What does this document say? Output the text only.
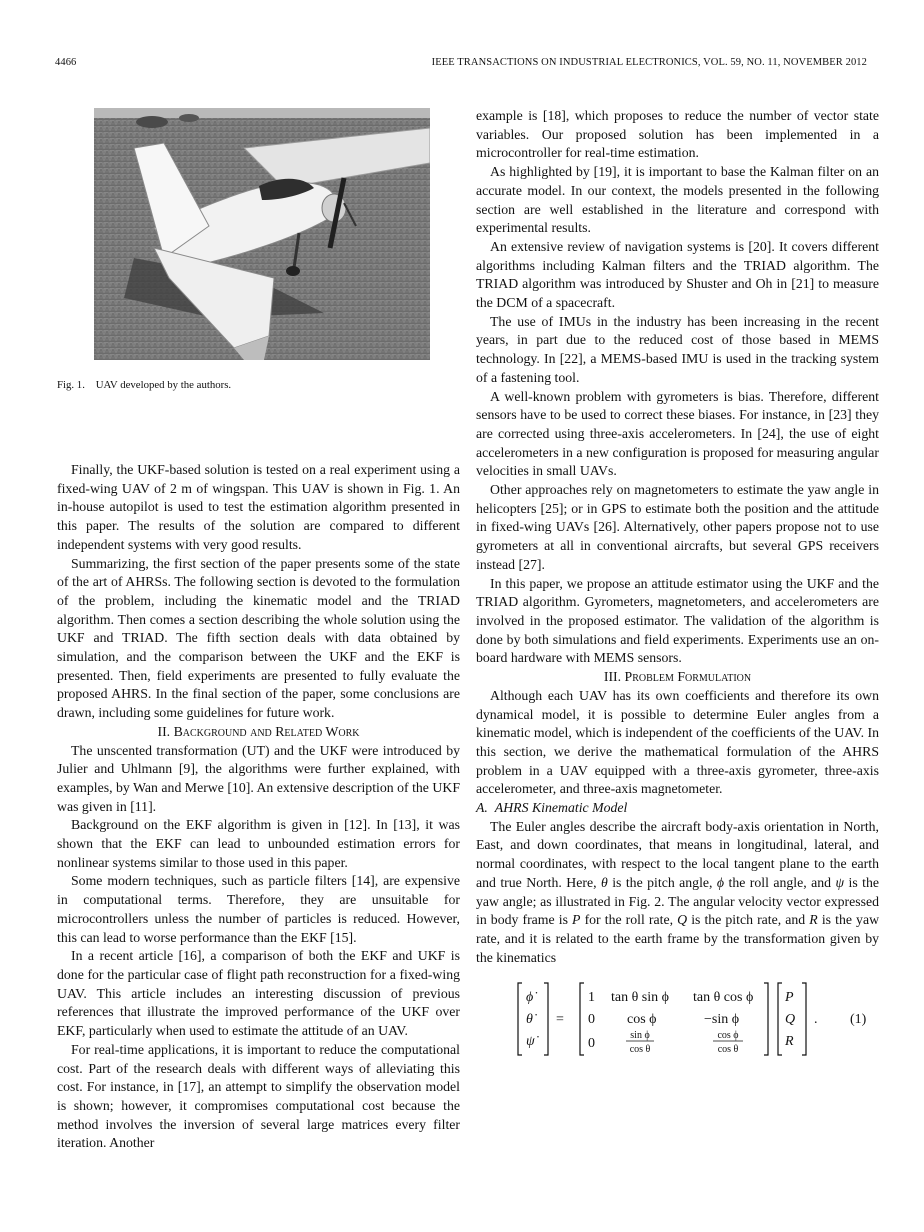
4466	IEEE TRANSACTIONS ON INDUSTRIAL ELECTRONICS, VOL. 59, NO. 11, NOVEMBER 2012
Fig. 1. UAV developed by the authors.

Finally, the UKF-based solution is tested on a real experiment using a fixed-wing UAV of 2 m of wingspan. This UAV is shown in Fig. 1. An in-house autopilot is used to test the estimation algorithm presented in this paper. The results of the solution are compared to different independent systems with very good results.

Summarizing, the first section of the paper presents some of the state of the art of AHRSs. The following section is devoted to the formulation of the problem, including the kinematic model and the TRIAD algorithm. Then comes a section describing the whole solution using the UKF and TRIAD. The fifth section deals with data obtained by simulation, and the comparison between the UKF and the EKF is presented. Then, field experiments are presented to fully evaluate the proposed AHRS. In the final section of the paper, some conclusions are drawn, including some guidelines for future work.

II. Background and Related Work

The unscented transformation (UT) and the UKF were introduced by Julier and Uhlmann [9], the algorithms were further explained, with examples, by Wan and Merwe [10]. An extensive description of the UKF was given in [11].

Background on the EKF algorithm is given in [12]. In [13], it was shown that the EKF can lead to unbounded estimation errors for nonlinear systems similar to those used in this paper.

Some modern techniques, such as particle filters [14], are expensive in computational terms. Therefore, they are unsuitable for microcontrollers unless the number of particles is reduced. However, this can lead to worse performance than the EKF [15].

In a recent article [16], a comparison of both the EKF and UKF is done for the particular case of flight path reconstruction for a fixed-wing UAV. This article includes an interesting discussion of previous references that illustrate the improved performance of the UKF over EKF, particularly when used to estimate the attitude of an UAV.

For real-time applications, it is important to reduce the computational cost. Part of the research deals with different ways of alleviating this cost. For instance, in [17], an attempt to simplify the observation model is shown; however, it compromises computational cost because the method involves the inversion of several large matrices every filter iteration. Another

example is [18], which proposes to reduce the number of vector state variables. Our proposed solution has been implemented in a microcontroller for real-time estimation.

As highlighted by [19], it is important to base the Kalman filter on an accurate model. In our context, the models presented in the following section are well established in the literature and correspond with experimental results.

An extensive review of navigation systems is [20]. It covers different algorithms including Kalman filters and the TRIAD algorithm. The TRIAD algorithm was introduced by Shuster and Oh in [21] to measure the DCM of a spacecraft.

The use of IMUs in the industry has been increasing in the recent years, in part due to the reduced cost of those based in MEMS technology. In [22], a MEMS-based IMU is used in the tracking system of a fastening tool.

A well-known problem with gyrometers is bias. Therefore, different sensors have to be used to correct these biases. For instance, in [23] they are corrected using three-axis accelerometers. In [24], the use of eight accelerometers in a new configuration is proposed for measuring angular velocities in small UAVs.

Other approaches rely on magnetometers to estimate the yaw angle in helicopters [25]; or in GPS to estimate both the position and the attitude in fixed-wing UAVs [26]. Alternatively, other papers propose not to use gyrometers at all in conventional aircrafts, but several GPS receivers instead [27].

In this paper, we propose an attitude estimator using the UKF and the TRIAD algorithm. Gyrometers, magnetometers, and accelerometers are involved in the proposed estimator. The validation of the algorithm is done by both simulations and field experiments. Experiments use an on-board hardware with MEMS sensors.

III. Problem Formulation

Although each UAV has its own coefficients and therefore its own dynamical model, it is possible to determine Euler angles from a kinematic model, which is independent of the coefficients of the UAV. In this section, we derive the mathematical formulation of the AHRS problem in a UAV equipped with a three-axis gyrometer, three-axis accelerometer, and three-axis magnetometer.

A. AHRS Kinematic Model

The Euler angles describe the aircraft body-axis orientation in North, East, and down coordinates, that means in longitudinal, lateral, and normal coordinates, with respect to the local tangent plane to the earth and true North. Here, θ is the pitch angle, ϕ the roll angle, and ψ is the yaw angle; as illustrated in Fig. 2. The angular velocity vector expressed in body frame is P for the roll rate, Q is the pitch rate, and R is the yaw rate, and it is related to the earth frame by the transformation given by the kinematics

ϕ̇
θ̇
ψ̇
=
1 tan θ sin ϕ tan θ cos ϕ
0 cos ϕ	−sin ϕ
0
sin ϕ
cos θ
cos ϕ
cos θ
P
Q
R
. (1)
